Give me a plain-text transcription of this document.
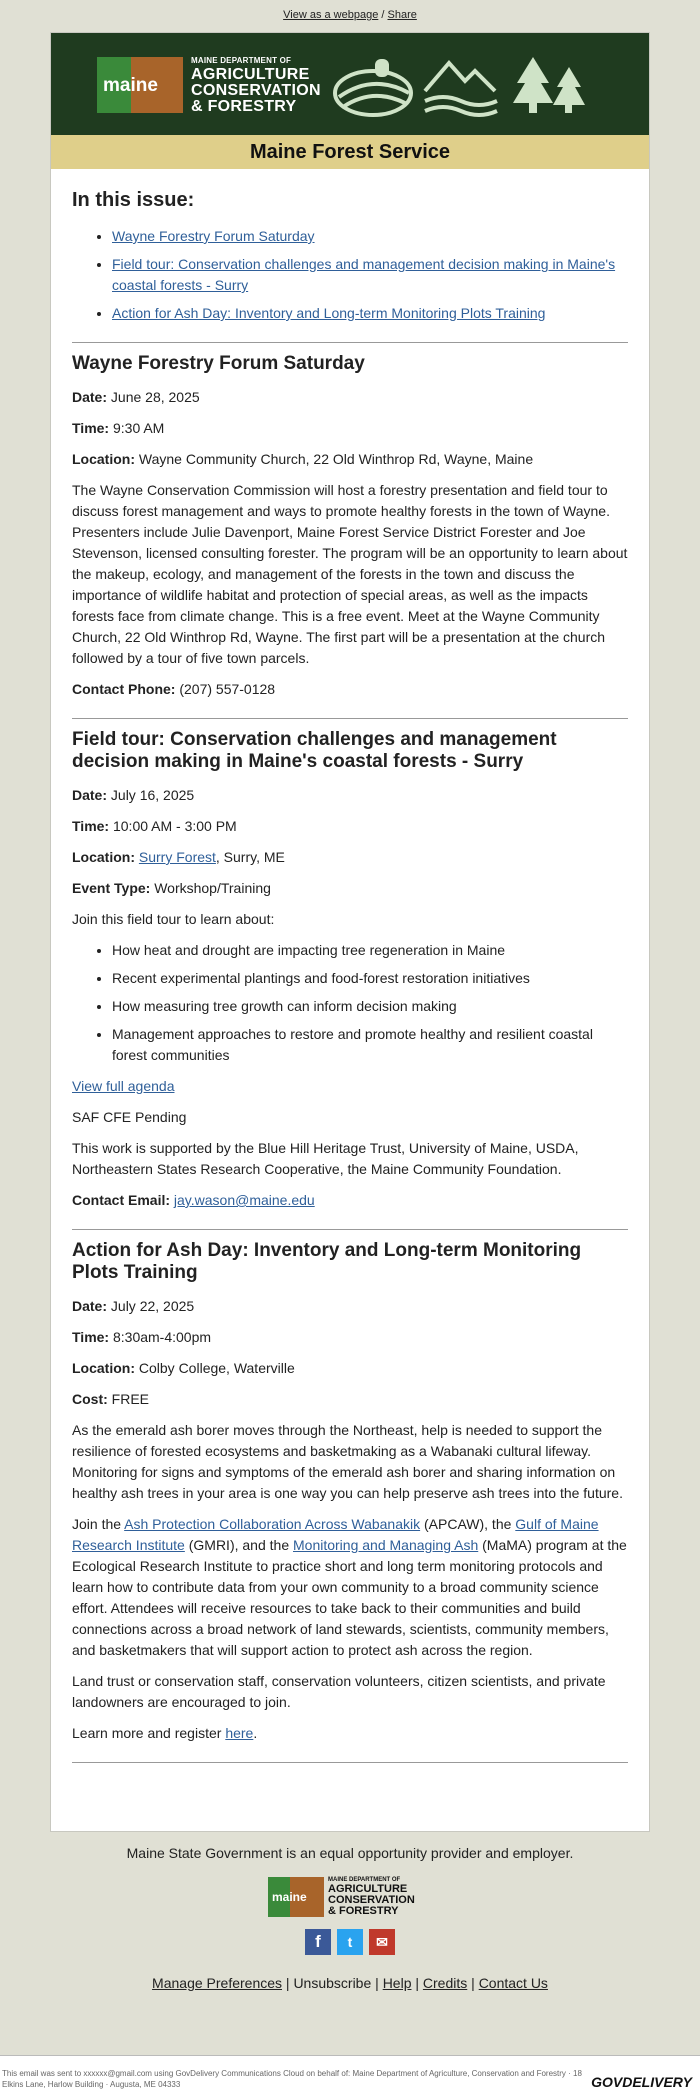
View as a webpage / Share
maine
MAINE DEPARTMENT OF
AGRICULTURE
CONSERVATION
& FORESTRY
Maine Forest Service
In this issue:
• Wayne Forestry Forum Saturday
• Field tour: Conservation challenges and management decision making in Maine's coastal forests - Surry
• Action for Ash Day: Inventory and Long-term Monitoring Plots Training
Wayne Forestry Forum Saturday

Date: June 28, 2025

Time: 9:30 AM

Location: Wayne Community Church, 22 Old Winthrop Rd, Wayne, Maine

The Wayne Conservation Commission will host a forestry presentation and field tour to discuss forest management and ways to promote healthy forests in the town of Wayne. Presenters include Julie Davenport, Maine Forest Service District Forester and Joe Stevenson, licensed consulting forester. The program will be an opportunity to learn about the makeup, ecology, and management of the forests in the town and discuss the importance of wildlife habitat and protection of special areas, as well as the impacts forests face from climate change. This is a free event. Meet at the Wayne Community Church, 22 Old Winthrop Rd, Wayne. The first part will be a presentation at the church followed by a tour of five town parcels.

Contact Phone: (207) 557-0128

Field tour: Conservation challenges and management decision making in Maine's coastal forests - Surry

Date: July 16, 2025

Time: 10:00 AM - 3:00 PM

Location: Surry Forest, Surry, ME

Event Type: Workshop/Training

Join this field tour to learn about:

• How heat and drought are impacting tree regeneration in Maine
• Recent experimental plantings and food-forest restoration initiatives
• How measuring tree growth can inform decision making
• Management approaches to restore and promote healthy and resilient coastal forest communities

View full agenda

SAF CFE Pending

This work is supported by the Blue Hill Heritage Trust, University of Maine, USDA, Northeastern States Research Cooperative, the Maine Community Foundation.

Contact Email: jay.wason@maine.edu

Action for Ash Day: Inventory and Long-term Monitoring Plots Training

Date: July 22, 2025

Time: 8:30am-4:00pm

Location: Colby College, Waterville

Cost: FREE

As the emerald ash borer moves through the Northeast, help is needed to support the resilience of forested ecosystems and basketmaking as a Wabanaki cultural lifeway. Monitoring for signs and symptoms of the emerald ash borer and sharing information on healthy ash trees in your area is one way you can help preserve ash trees into the future.

Join the Ash Protection Collaboration Across Wabanakik (APCAW), the Gulf of Maine Research Institute (GMRI), and the Monitoring and Managing Ash (MaMA) program at the Ecological Research Institute to practice short and long term monitoring protocols and learn how to contribute data from your own community to a broad community science effort. Attendees will receive resources to take back to their communities and build connections across a broad network of land stewards, scientists, community members, and basketmakers that will support action to protect ash across the region.

Land trust or conservation staff, conservation volunteers, citizen scientists, and private landowners are encouraged to join.

Learn more and register here.

Maine State Government is an equal opportunity provider and employer.
maine
MAINE DEPARTMENT OF
AGRICULTURE
CONSERVATION
& FORESTRY
f	t	✉
Manage Preferences | Unsubscribe | Help | Credits | Contact Us
This email was sent to xxxxxx@gmail.com using GovDelivery Communications Cloud on behalf of: Maine Department of Agriculture, Conservation and Forestry · 18 Elkins Lane, Harlow Building · Augusta, ME 04333	GOVDELIVERY
